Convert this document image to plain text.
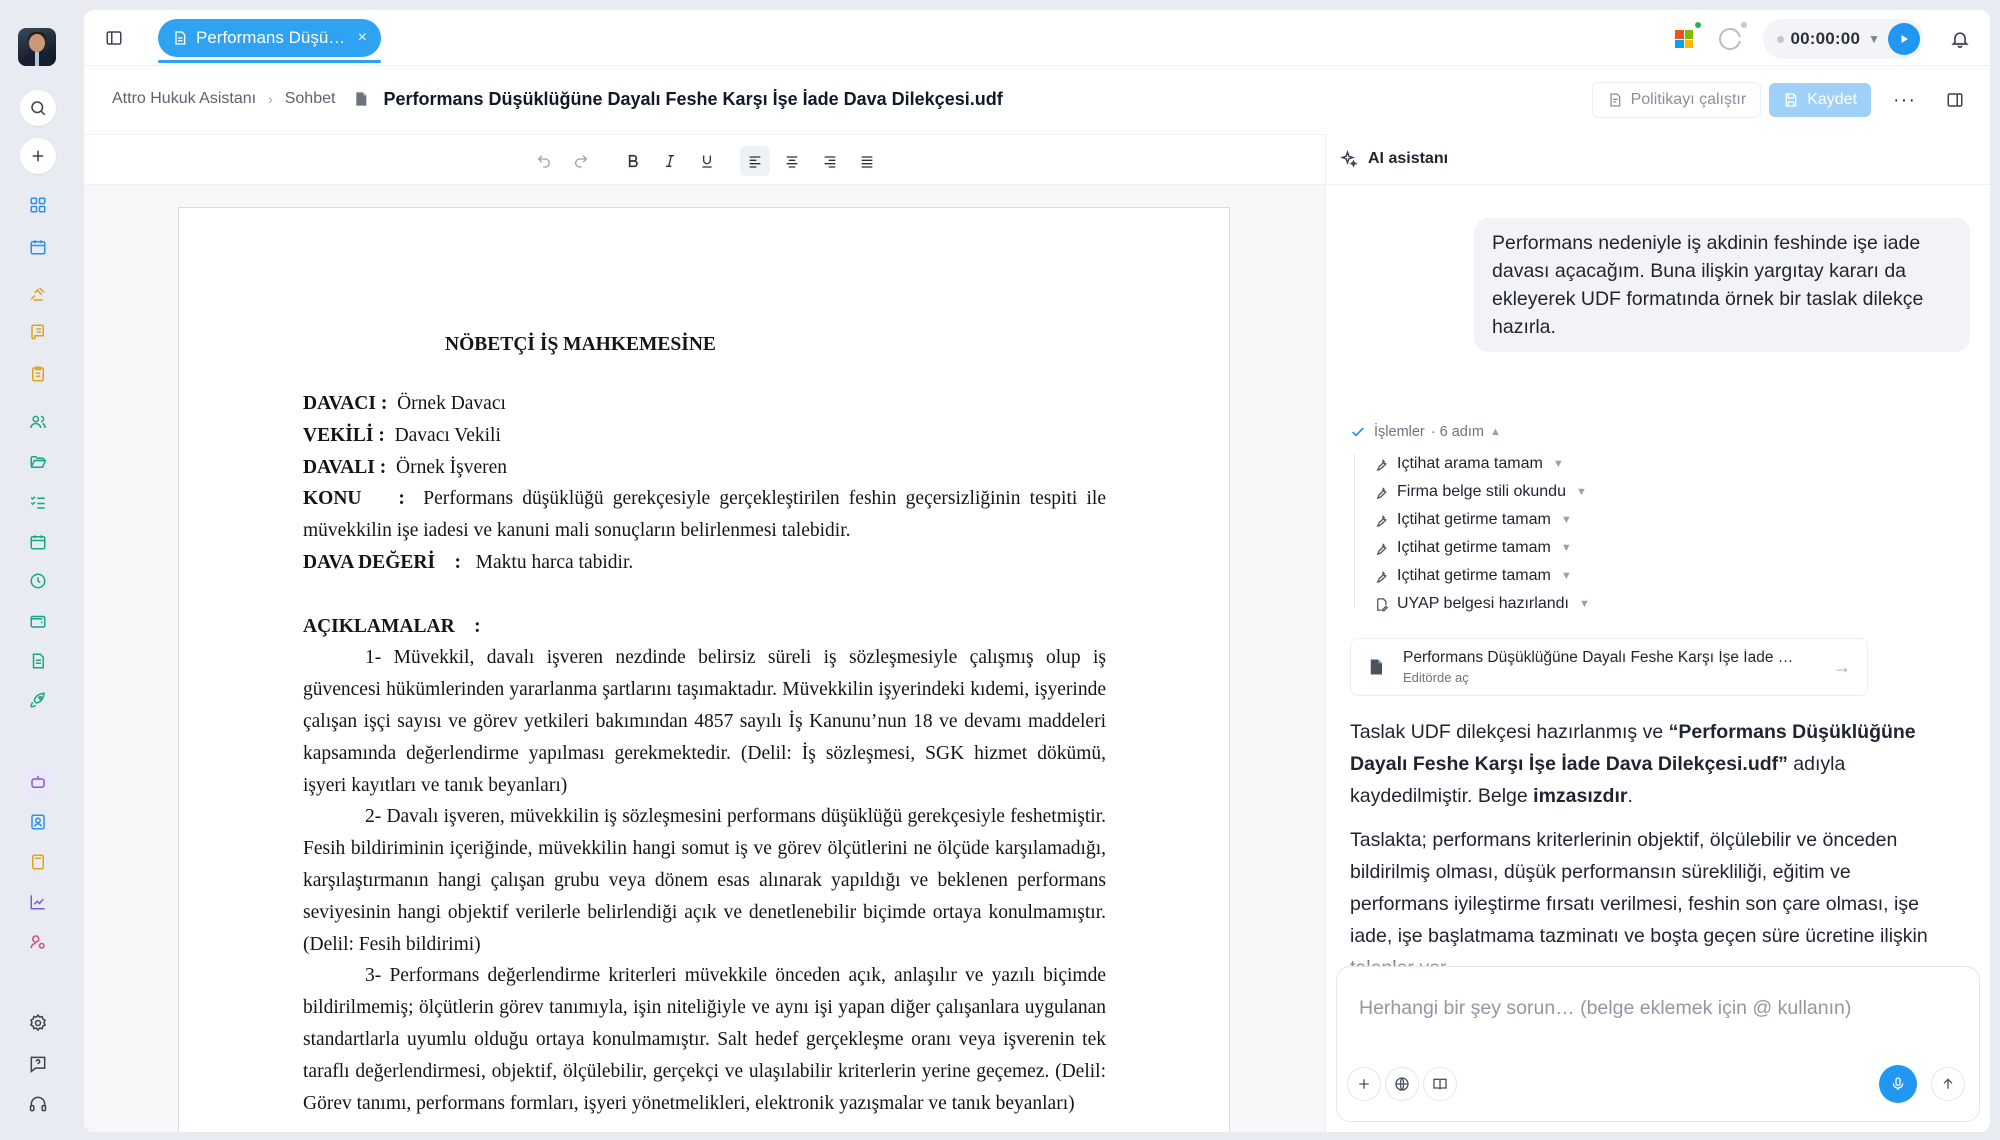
Performans Düşü… ×	00:00:00 ▼
Attro Hukuk Asistanı › Sohbet	Performans Düşüklüğüne Dayalı Feshe Karşı İşe İade Dava Dilekçesi.udf	Politikayı çalıştır	Kaydet ···
NÖBETÇİ İŞ MAHKEMESİNE
DAVACI : Örnek Davacı
VEKİLİ : Davacı Vekili
DAVALI : Örnek İşveren
KONU : Performans düşüklüğü gerekçesiyle gerçekleştirilen feshin geçersizliğinin tespiti ile
müvekkilin işe iadesi ve kanuni mali sonuçların belirlenmesi talebidir.
DAVA DEĞERİ : Maktu harca tabidir.
AÇIKLAMALAR :
1- Müvekkil, davalı işveren nezdinde belirsiz süreli iş sözleşmesiyle çalışmış olup iş güvencesi hükümlerinden yararlanma şartlarını taşımaktadır. Müvekkilin işyerindeki kıdemi, işyerinde çalışan işçi sayısı ve görev yetkileri bakımından 4857 sayılı İş Kanunu’nun 18 ve devamı maddeleri kapsamında değerlendirme yapılması gerekmektedir. (Delil: İş sözleşmesi, SGK hizmet dökümü, işyeri kayıtları ve tanık beyanları)
2- Davalı işveren, müvekkilin iş sözleşmesini performans düşüklüğü gerekçesiyle feshetmiştir. Fesih bildiriminin içeriğinde, müvekkilin hangi somut iş ve görev ölçütlerini ne ölçüde karşılamadığı, karşılaştırmanın hangi çalışan grubu veya dönem esas alınarak yapıldığı ve beklenen performans seviyesinin hangi objektif verilerle belirlendiği açık ve denetlenebilir biçimde ortaya konulmamıştır. (Delil: Fesih bildirimi)
3- Performans değerlendirme kriterleri müvekkile önceden açık, anlaşılır ve yazılı biçimde bildirilmemiş; ölçütlerin görev tanımıyla, işin niteliğiyle ve aynı işi yapan diğer çalışanlara uygulanan standartlarla uyumlu olduğu ortaya konulmamıştır. Salt hedef gerçekleşme oranı veya işverenin tek taraflı değerlendirmesi, objektif, ölçülebilir, gerçekçi ve ulaşılabilir kriterlerin yerine geçemez. (Delil: Görev tanımı, performans formları, işyeri yönetmelikleri, elektronik yazışmalar ve tanık beyanları)
AI asistanı
Performans nedeniyle iş akdinin feshinde işe iade davası açacağım. Buna ilişkin yargıtay kararı da ekleyerek UDF formatında örnek bir taslak dilekçe hazırla.
İşlemler · 6 adım ▲
Içtihat arama tamam ▼
Firma belge stili okundu ▼
Içtihat getirme tamam ▼
Içtihat getirme tamam ▼
Içtihat getirme tamam ▼
UYAP belgesi hazırlandı ▼
Performans Düşüklüğüne Dayalı Feshe Karşı İşe İade …
Editörde aç
→

Taslak UDF dilekçesi hazırlanmış ve “Performans Düşüklüğüne Dayalı Feshe Karşı İşe İade Dava Dilekçesi.udf” adıyla kaydedilmiştir. Belge imzasızdır.

Taslakta; performans kriterlerinin objektif, ölçülebilir ve önceden bildirilmiş olması, düşük performansın sürekliliği, eğitim ve performans iyileştirme fırsatı verilmesi, feshin son çare olması, işe iade, işe başlatmama tazminatı ve boşta geçen süre ücretine ilişkin

Herhangi bir şey sorun… (belge eklemek için @ kullanın)
